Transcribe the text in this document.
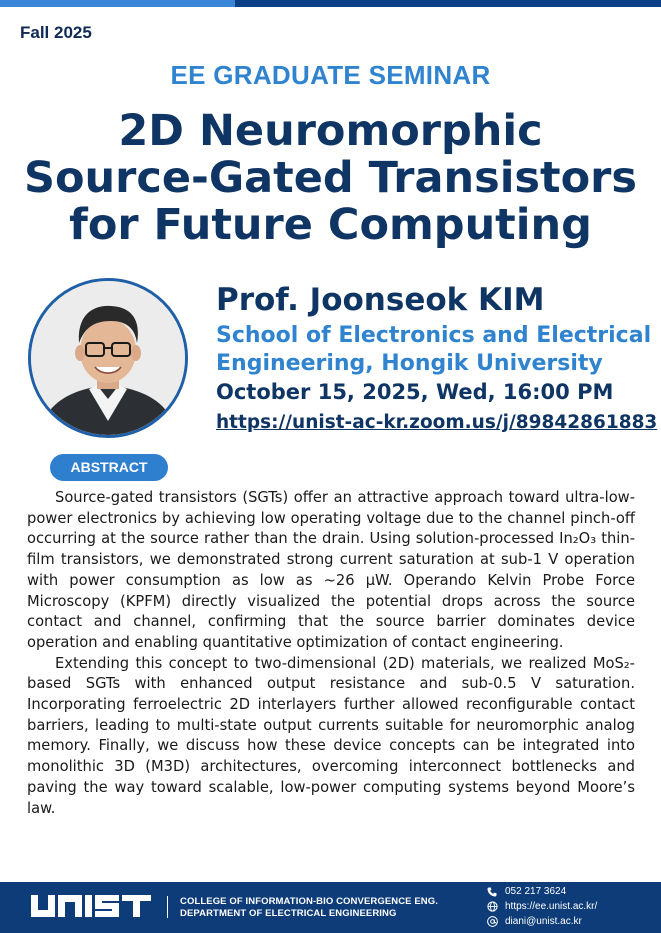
Fall 2025
EE GRADUATE SEMINAR
2D Neuromorphic
Source-Gated Transistors
for Future Computing
Prof. Joonseok KIM
School of Electronics and Electrical
Engineering, Hongik University
October 15, 2025, Wed, 16:00 PM
https://unist-ac-kr.zoom.us/j/89842861883
ABSTRACT

Source-gated transistors (SGTs) offer an attractive approach toward ultra-low-power electronics by achieving low operating voltage due to the channel pinch-off occurring at the source rather than the drain. Using solution-processed In₂O₃ thin-film transistors, we demonstrated strong current saturation at sub-1 V operation with power consumption as low as ~26 μW. Operando Kelvin Probe Force Microscopy (KPFM) directly visualized the potential drops across the source contact and channel, confirming that the source barrier dominates device operation and enabling quantitative optimization of contact engineering.

Extending this concept to two-dimensional (2D) materials, we realized MoS₂-based SGTs with enhanced output resistance and sub-0.5 V saturation. Incorporating ferroelectric 2D interlayers further allowed reconfigurable contact barriers, leading to multi-state output currents suitable for neuromorphic analog memory. Finally, we discuss how these device concepts can be integrated into monolithic 3D (M3D) architectures, overcoming interconnect bottlenecks and paving the way toward scalable, low-power computing systems beyond Moore’s law.

COLLEGE OF INFORMATION-BIO CONVERGENCE ENG.
DEPARTMENT OF ELECTRICAL ENGINEERING
052 217 3624
https://ee.unist.ac.kr/
diani@unist.ac.kr
